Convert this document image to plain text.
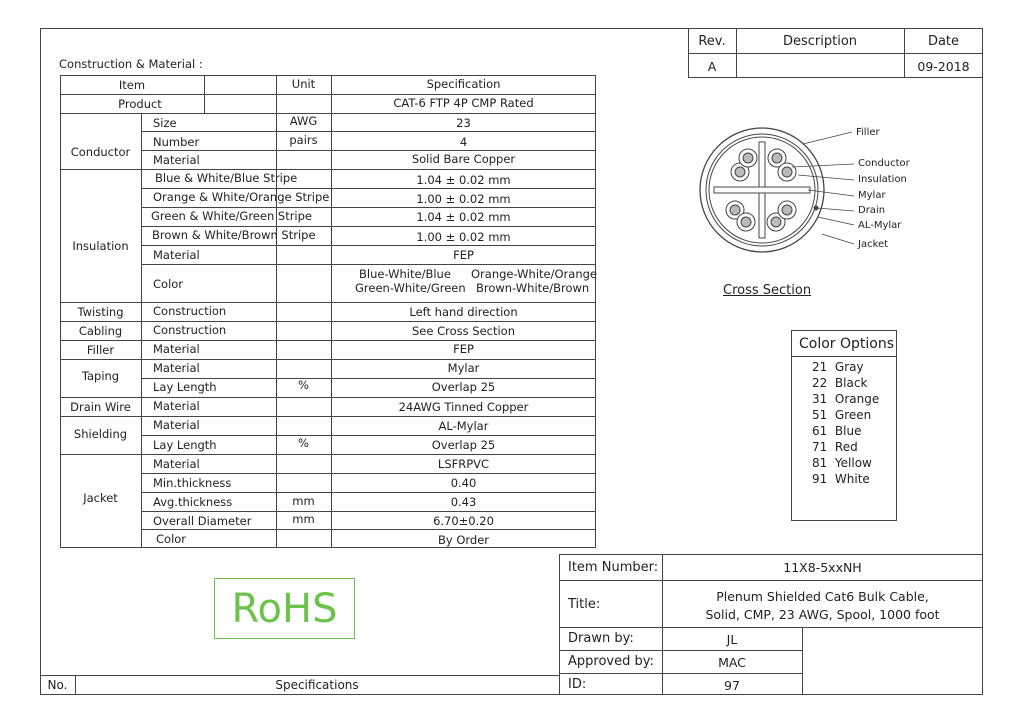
Construction & Material :
Item	Unit	Specification
Product	CAT-6 FTP 4P CMP Rated
Conductor
Size	AWG	23
Number	pairs	4
Material	Solid Bare Copper
Insulation
Blue & White/Blue Stripe	1.04 ± 0.02 mm
Orange & White/Orange Stripe	1.00 ± 0.02 mm
Green & White/Green Stripe	1.04 ± 0.02 mm
Brown & White/Brown Stripe	1.00 ± 0.02 mm
Material	FEP
Color
Blue-White/Blue Orange-White/Orange
Green-White/Green Brown-White/Brown
Twisting	Construction	Left hand direction
Cabling	Construction	See Cross Section
Filler	Material	FEP
Taping
Material	Mylar
Lay Length	%	Overlap 25
Drain Wire	Material	24AWG Tinned Copper
Shielding
Material	AL-Mylar
Lay Length	%	Overlap 25
Jacket
Material	LSFRPVC
Min.thickness	0.40
Avg.thickness	mm	0.43
Overall Diameter	mm	6.70±0.20
Color	By Order
Rev.	Description	Date
A	09-2018
Filler
Conductor
Insulation
Mylar
Drain
AL-Mylar
Jacket
Cross Section
Color Options
21 Gray
22 Black
31 Orange
51 Green
61 Blue
71 Red
81 Yellow
91 White
RoHS
Item Number:	11X8-5xxNH
Title:
Plenum Shielded Cat6 Bulk Cable,
Solid, CMP, 23 AWG, Spool, 1000 foot
Drawn by:	JL
Approved by:	MAC
ID:	97
No.	Specifications
